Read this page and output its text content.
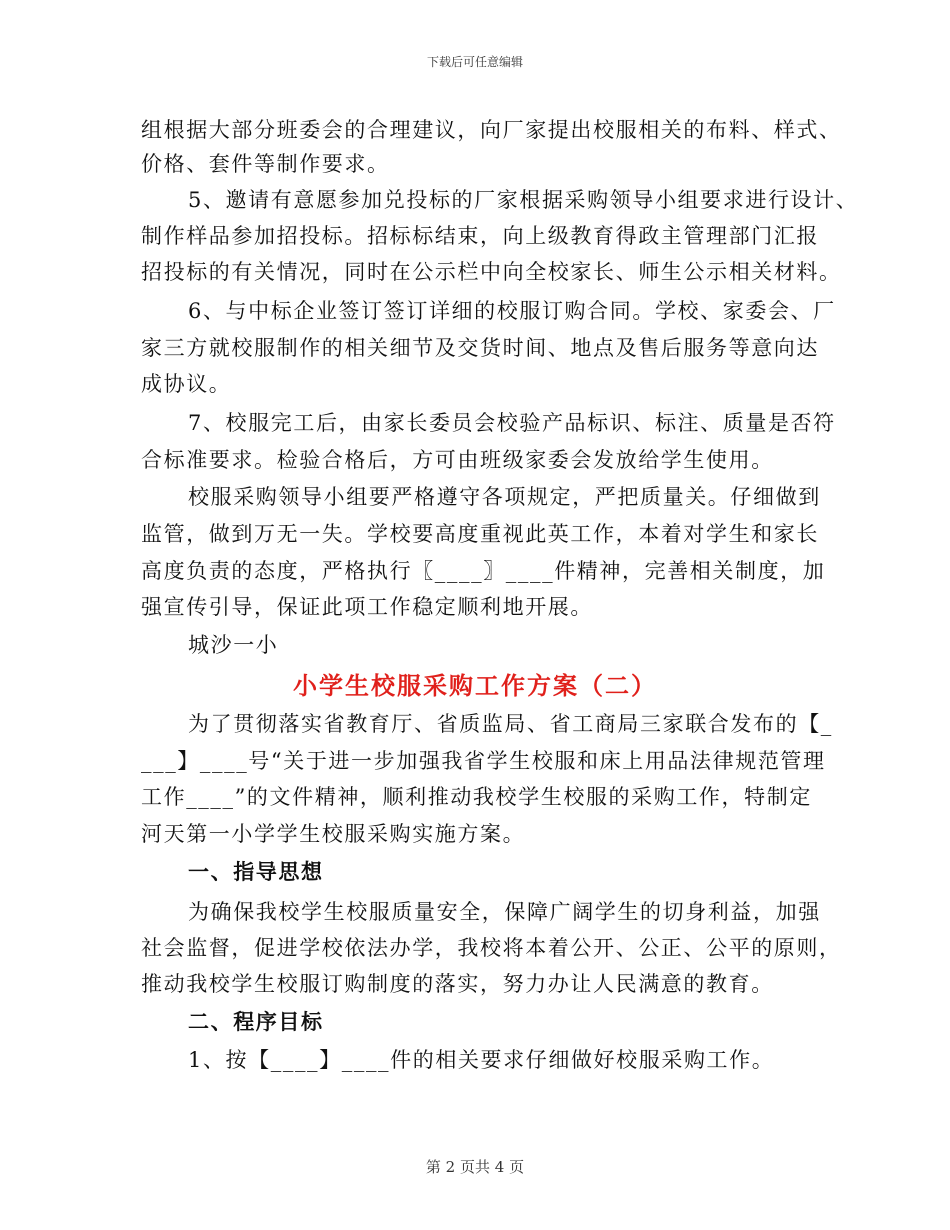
下载后可任意编辑
组根据大部分班委会的合理建议，向厂家提出校服相关的布料、样式、
价格、套件等制作要求。
5、邀请有意愿参加兑投标的厂家根据采购领导小组要求进行设计、
制作样品参加招投标。招标标结束，向上级教育得政主管理部门汇报
招投标的有关情况，同时在公示栏中向全校家长、师生公示相关材料。
6、与中标企业签订签订详细的校服订购合同。学校、家委会、厂
家三方就校服制作的相关细节及交货时间、地点及售后服务等意向达
成协议。
7、校服完工后，由家长委员会校验产品标识、标注、质量是否符
合标准要求。检验合格后，方可由班级家委会发放给学生使用。
校服采购领导小组要严格遵守各项规定，严把质量关。仔细做到
监管，做到万无一失。学校要高度重视此英工作，本着对学生和家长
高度负责的态度，严格执行〖____〗____件精神，完善相关制度，加
强宣传引导，保证此项工作稳定顺利地开展。
城沙一小
小学生校服采购工作方案（二）
为了贯彻落实省教育厅、省质监局、省工商局三家联合发布的【_
___】____号“关于进一步加强我省学生校服和床上用品法律规范管理
工作____”的文件精神，顺利推动我校学生校服的采购工作，特制定
河天第一小学学生校服采购实施方案。
一、指导思想
为确保我校学生校服质量安全，保障广阔学生的切身利益，加强
社会监督，促进学校依法办学，我校将本着公开、公正、公平的原则，
推动我校学生校服订购制度的落实，努力办让人民满意的教育。
二、程序目标
1、按【____】____件的相关要求仔细做好校服采购工作。
第 2 页共 4 页
